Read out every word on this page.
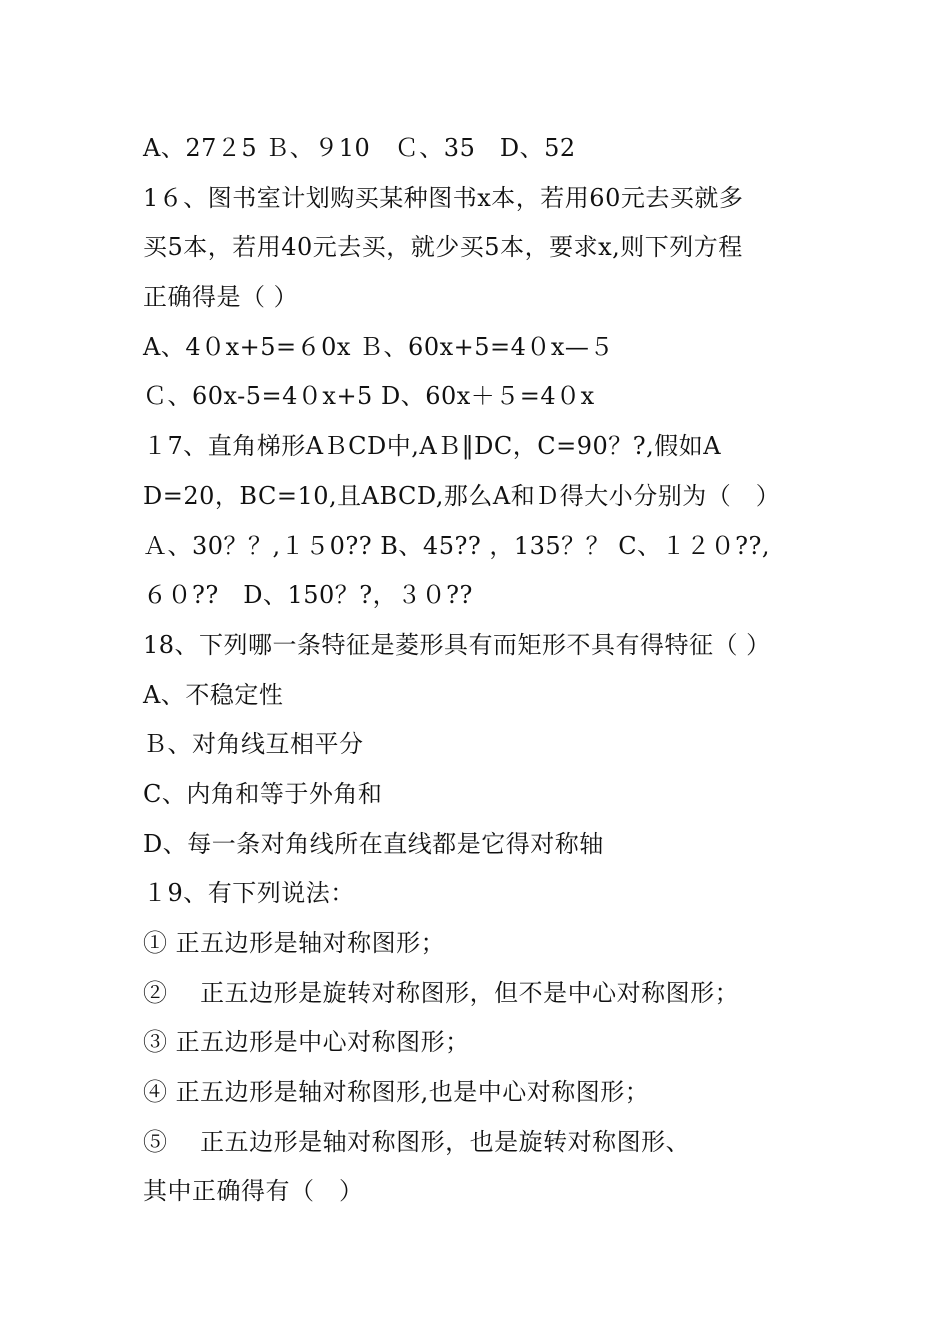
A、27２5 Ｂ、９10　Ｃ、35　D、52
1６、图书室计划购买某种图书x本，若用60元去买就多
买5本，若用40元去买，就少买5本，要求x,则下列方程
正确得是（ ）
A、4０x+5=６0x Ｂ、60x+5=4０x—５
Ｃ、60x-5=4０x+5 D、60x＋５=4０x
１7、直角梯形AＢCD中,AＢ‖DC，C=90？?,假如A
D=20，BC=10,且ABCD,那么A和Ｄ得大小分别为（　）
Ａ、30？？,１５0?? B、45?? ，135？？ C、１２０??,
６０??　D、150？?，３０??
18、下列哪一条特征是菱形具有而矩形不具有得特征（ ）
A、不稳定性
Ｂ、对角线互相平分
C、内角和等于外角和
D、每一条对角线所在直线都是它得对称轴
１9、有下列说法：
① 正五边形是轴对称图形；
② 　正五边形是旋转对称图形，但不是中心对称图形；
③ 正五边形是中心对称图形；
④ 正五边形是轴对称图形,也是中心对称图形；
⑤ 　正五边形是轴对称图形，也是旋转对称图形、
其中正确得有（　）
